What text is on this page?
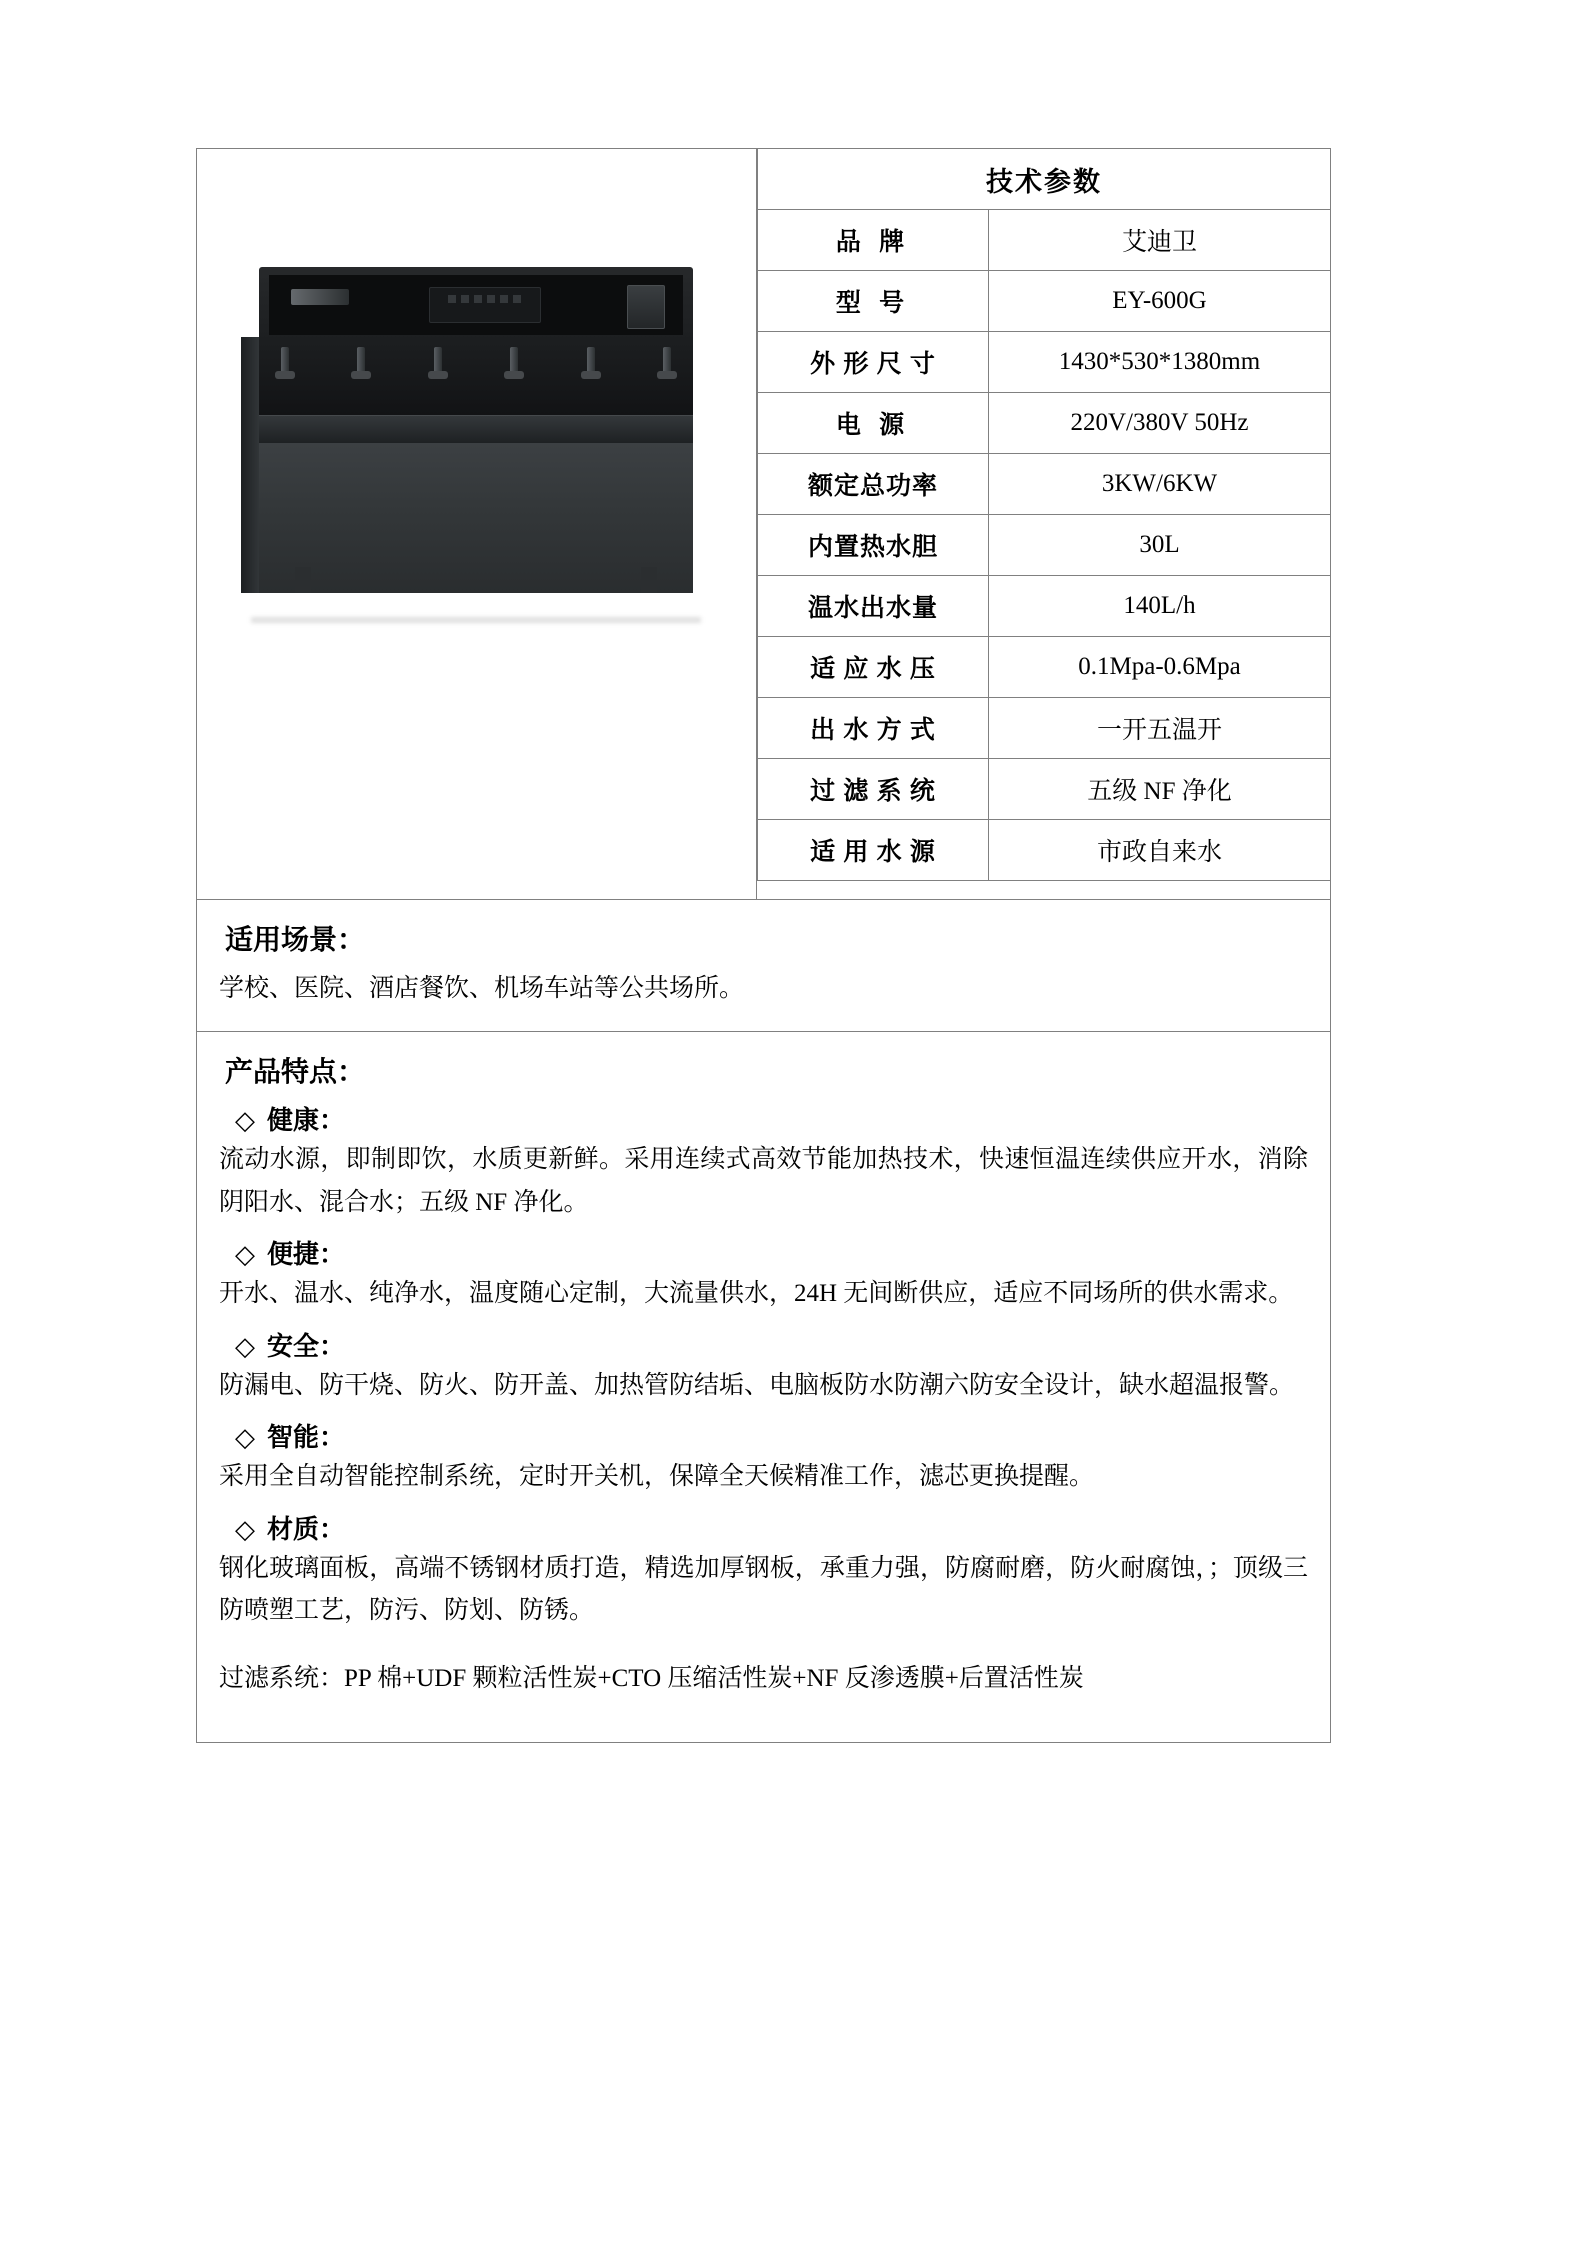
技术参数	
品 牌	艾迪卫
型 号	EY-600G
外 形 尺 寸	1430*530*1380mm
电 源	220V/380V 50Hz
额定总功率	3KW/6KW
内置热水胆	30L
温水出水量	140L/h
适 应 水 压	0.1Mpa-0.6Mpa
出 水 方 式	一开五温开
过 滤 系 统	五级 NF 净化
适 用 水 源	市政自来水
适用场景：

学校、医院、酒店餐饮、机场车站等公共场所。

产品特点：
◇ 健康：

流动水源，即制即饮，水质更新鲜。采用连续式高效节能加热技术，快速恒温连续供应开水，消除阴阳水、混合水；五级 NF 净化。

◇ 便捷：

开水、温水、纯净水，温度随心定制，大流量供水，24H 无间断供应，适应不同场所的供水需求。

◇ 安全：

防漏电、防干烧、防火、防开盖、加热管防结垢、电脑板防水防潮六防安全设计，缺水超温报警。

◇ 智能：

采用全自动智能控制系统，定时开关机，保障全天候精准工作，滤芯更换提醒。

◇ 材质：

钢化玻璃面板，高端不锈钢材质打造，精选加厚钢板，承重力强，防腐耐磨，防火耐腐蚀，；顶级三防喷塑工艺，防污、防划、防锈。

过滤系统：PP 棉+UDF 颗粒活性炭+CTO 压缩活性炭+NF 反渗透膜+后置活性炭
